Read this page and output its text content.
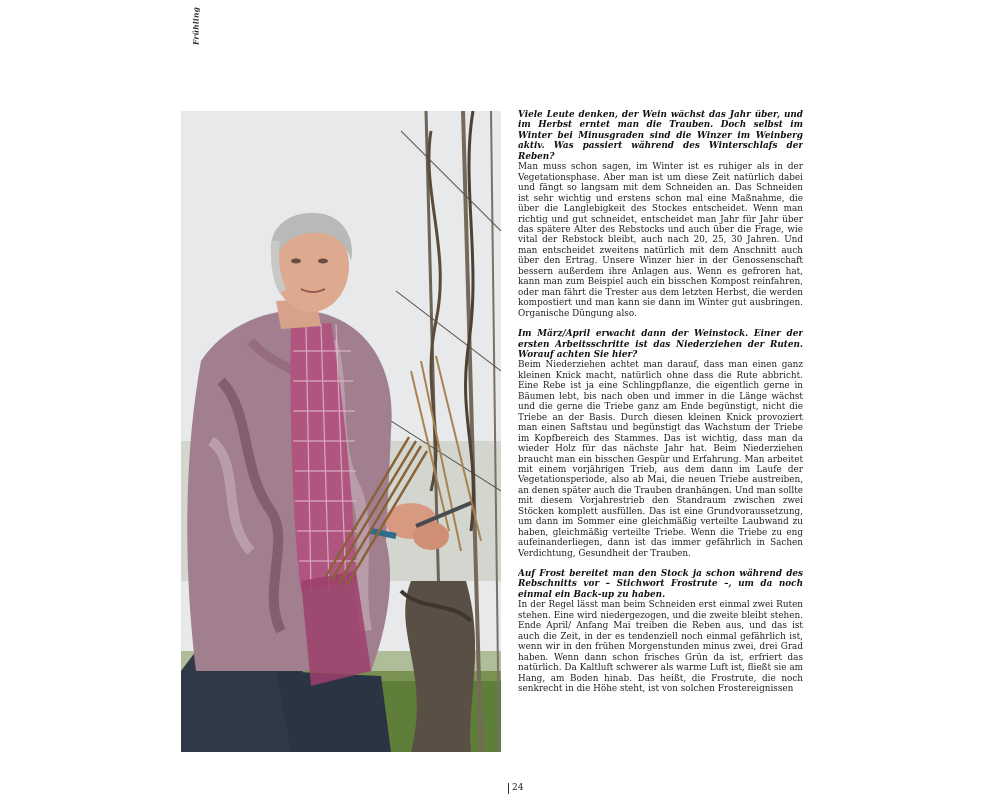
Frühling

Viele Leute denken, der Wein wächst das Jahr über, und im Herbst erntet man die Trauben. Doch selbst im Winter bei Minusgraden sind die Winzer im Weinberg aktiv. Was passiert während des Winterschlafs der Reben?

Man muss schon sagen, im Winter ist es ruhiger als in der Vegetationsphase. Aber man ist um diese Zeit natürlich dabei und fängt so langsam mit dem Schneiden an. Das Schneiden ist sehr wichtig und erstens schon mal eine Maßnahme, die über die Langlebigkeit des Stockes entscheidet. Wenn man richtig und gut schneidet, entscheidet man Jahr für Jahr über das spätere Alter des Rebstocks und auch über die Frage, wie vital der Rebstock bleibt, auch nach 20, 25, 30 Jahren. Und man entscheidet zweitens natürlich mit dem Anschnitt auch über den Ertrag. Unsere Winzer hier in der Genossenschaft bessern außerdem ihre Anlagen aus. Wenn es gefroren hat, kann man zum Beispiel auch ein bisschen Kompost reinfahren, oder man fährt die Trester aus dem letzten Herbst, die werden kompostiert und man kann sie dann im Winter gut ausbringen. Organische Düngung also.

Im März/April erwacht dann der Weinstock. Einer der ersten Arbeitsschritte ist das Niederziehen der Ruten. Worauf achten Sie hier?

Beim Niederziehen achtet man darauf, dass man einen ganz kleinen Knick macht, natürlich ohne dass die Rute abbricht. Eine Rebe ist ja eine Schlingpflanze, die eigentlich gerne in Bäumen lebt, bis nach oben und immer in die Länge wächst und die gerne die Triebe ganz am Ende begünstigt, nicht die Triebe an der Basis. Durch diesen kleinen Knick provoziert man einen Saftstau und begünstigt das Wachstum der Triebe im Kopfbereich des Stammes. Das ist wichtig, dass man da wieder Holz für das nächste Jahr hat. Beim Niederziehen braucht man ein bisschen Gespür und Erfahrung. Man arbeitet mit einem vorjährigen Trieb, aus dem dann im Laufe der Vegetationsperiode, also ab Mai, die neuen Triebe austreiben, an denen später auch die Trauben dranhängen. Und man sollte mit diesem Vorjahrestrieb den Standraum zwischen zwei Stöcken komplett ausfüllen. Das ist eine Grundvoraussetzung, um dann im Sommer eine gleichmäßig verteilte Laubwand zu haben, gleichmäßig verteilte Triebe. Wenn die Triebe zu eng aufeinanderliegen, dann ist das immer gefährlich in Sachen Verdichtung, Gesundheit der Trauben.

Auf Frost bereitet man den Stock ja schon während des Rebschnitts vor – Stichwort Frostrute –, um da noch einmal ein Back-up zu haben.

In der Regel lässt man beim Schneiden erst einmal zwei Ruten stehen. Eine wird niedergezogen, und die zweite bleibt stehen. Ende April/ Anfang Mai treiben die Reben aus, und das ist auch die Zeit, in der es tendenziell noch einmal gefährlich ist, wenn wir in den frühen Morgenstunden minus zwei, drei Grad haben. Wenn dann schon frisches Grün da ist, erfriert das natürlich. Da Kaltluft schwerer als warme Luft ist, fließt sie am Hang, am Boden hinab. Das heißt, die Frostrute, die noch senkrecht in die Höhe steht, ist von solchen Frostereignissen

24
